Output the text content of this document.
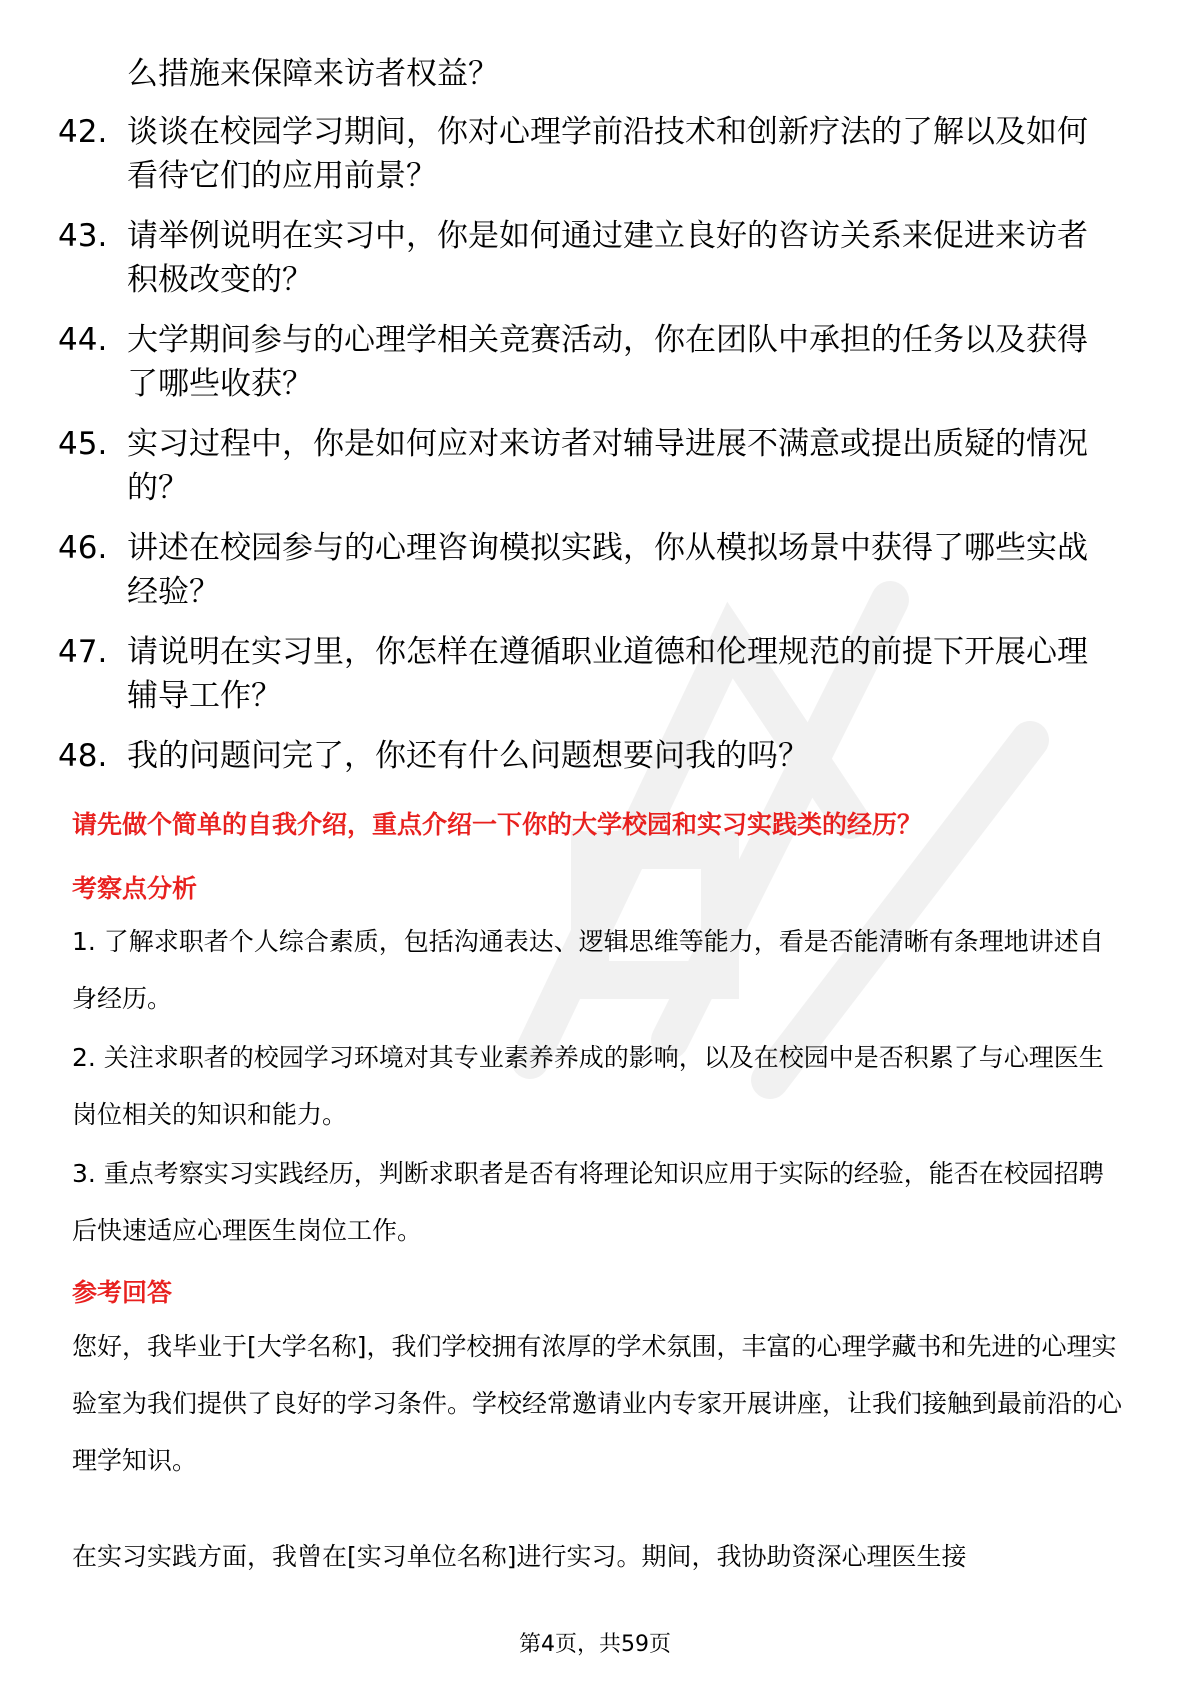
么措施来保障来访者权益？
42. 谈谈在校园学习期间，你对心理学前沿技术和创新疗法的了解以及如何看待它们的应用前景？
43. 请举例说明在实习中，你是如何通过建立良好的咨访关系来促进来访者积极改变的？
44. 大学期间参与的心理学相关竞赛活动，你在团队中承担的任务以及获得了哪些收获？
45. 实习过程中，你是如何应对来访者对辅导进展不满意或提出质疑的情况的？
46. 讲述在校园参与的心理咨询模拟实践，你从模拟场景中获得了哪些实战经验？
47. 请说明在实习里，你怎样在遵循职业道德和伦理规范的前提下开展心理辅导工作？
48. 我的问题问完了，你还有什么问题想要问我的吗？
请先做个简单的自我介绍，重点介绍一下你的大学校园和实习实践类的经历？
考察点分析
1. 了解求职者个人综合素质，包括沟通表达、逻辑思维等能力，看是否能清晰有条理地讲述自身经历。
2. 关注求职者的校园学习环境对其专业素养养成的影响，以及在校园中是否积累了与心理医生岗位相关的知识和能力。
3. 重点考察实习实践经历，判断求职者是否有将理论知识应用于实际的经验，能否在校园招聘后快速适应心理医生岗位工作。
参考回答
您好，我毕业于[大学名称]，我们学校拥有浓厚的学术氛围，丰富的心理学藏书和先进的心理实验室为我们提供了良好的学习条件。学校经常邀请业内专家开展讲座，让我们接触到最前沿的心理学知识。
在实习实践方面，我曾在[实习单位名称]进行实习。期间，我协助资深心理医生接
第4页，共59页
